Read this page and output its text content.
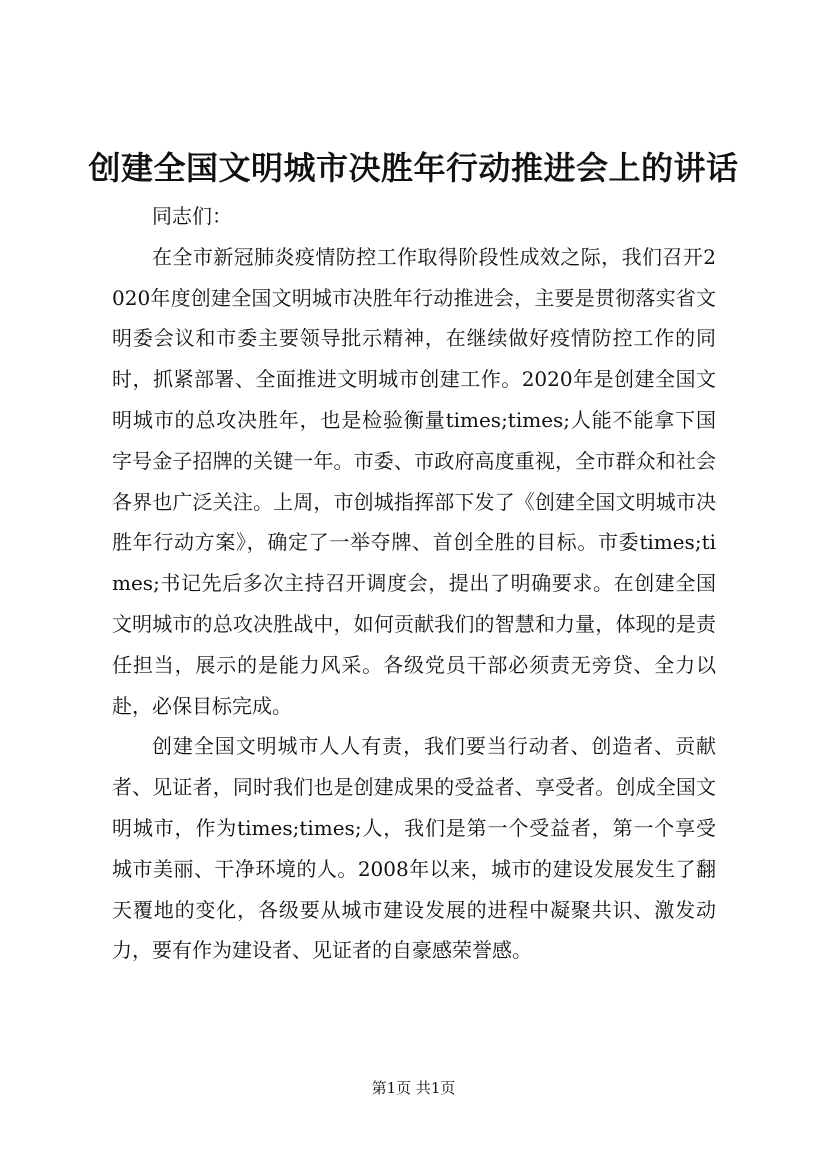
创建全国文明城市决胜年行动推进会上的讲话

同志们：

在全市新冠肺炎疫情防控工作取得阶段性成效之际，我们召开2020年度创建全国文明城市决胜年行动推进会，主要是贯彻落实省文明委会议和市委主要领导批示精神，在继续做好疫情防控工作的同时，抓紧部署、全面推进文明城市创建工作。2020年是创建全国文明城市的总攻决胜年，也是检验衡量times;times;人能不能拿下国字号金子招牌的关键一年。市委、市政府高度重视，全市群众和社会各界也广泛关注。上周，市创城指挥部下发了《创建全国文明城市决胜年行动方案》，确定了一举夺牌、首创全胜的目标。市委times;times;书记先后多次主持召开调度会，提出了明确要求。在创建全国文明城市的总攻决胜战中，如何贡献我们的智慧和力量，体现的是责任担当，展示的是能力风采。各级党员干部必须责无旁贷、全力以赴，必保目标完成。

创建全国文明城市人人有责，我们要当行动者、创造者、贡献者、见证者，同时我们也是创建成果的受益者、享受者。创成全国文明城市，作为times;times;人，我们是第一个受益者，第一个享受城市美丽、干净环境的人。2008年以来，城市的建设发展发生了翻天覆地的变化，各级要从城市建设发展的进程中凝聚共识、激发动力，要有作为建设者、见证者的自豪感荣誉感。

第1页 共1页
